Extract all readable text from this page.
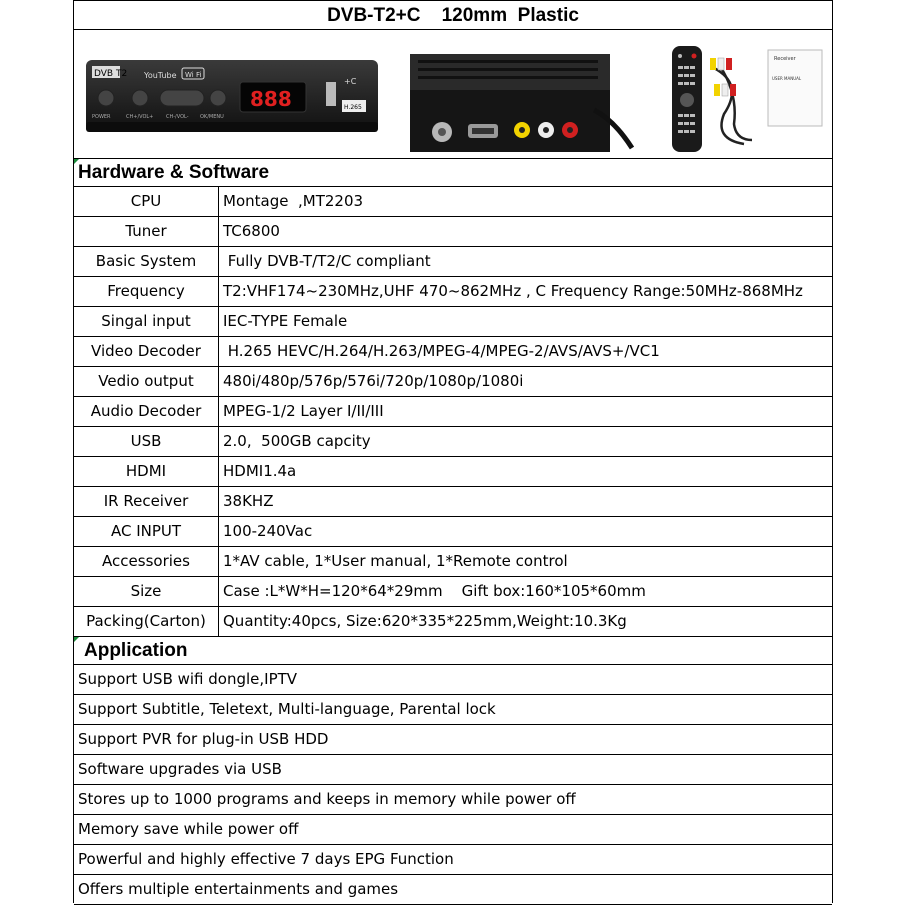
DVB-T2+C    120mm  Plastic
DVB T2 YouTube Wi Fi
POWER	CH+/VOL+	CH-/VOL- OK/MENU
888
+C
H.265
Receiver
USER MANUAL
Hardware & Software
CPU	Montage  ,MT2203
Tuner	TC6800
Basic System	Fully DVB-T/T2/C compliant
Frequency	T2:VHF174~230MHz,UHF 470~862MHz , C Frequency Range:50MHz-868MHz
Singal input	IEC-TYPE Female
Video Decoder	H.265 HEVC/H.264/H.263/MPEG-4/MPEG-2/AVS/AVS+/VC1
Vedio output	480i/480p/576p/576i/720p/1080p/1080i
Audio Decoder	MPEG-1/2 Layer I/II/III
USB	2.0,  500GB capcity
HDMI	HDMI1.4a
IR Receiver	38KHZ
AC INPUT	100-240Vac
Accessories	1*AV cable, 1*User manual, 1*Remote control
Size	Case :L*W*H=120*64*29mm    Gift box:160*105*60mm
Packing(Carton)	Quantity:40pcs, Size:620*335*225mm,Weight:10.3Kg
Application
Support USB wifi dongle,IPTV
Support Subtitle, Teletext, Multi-language, Parental lock
Support PVR for plug-in USB HDD
Software upgrades via USB
Stores up to 1000 programs and keeps in memory while power off
Memory save while power off
Powerful and highly effective 7 days EPG Function
Offers multiple entertainments and games
